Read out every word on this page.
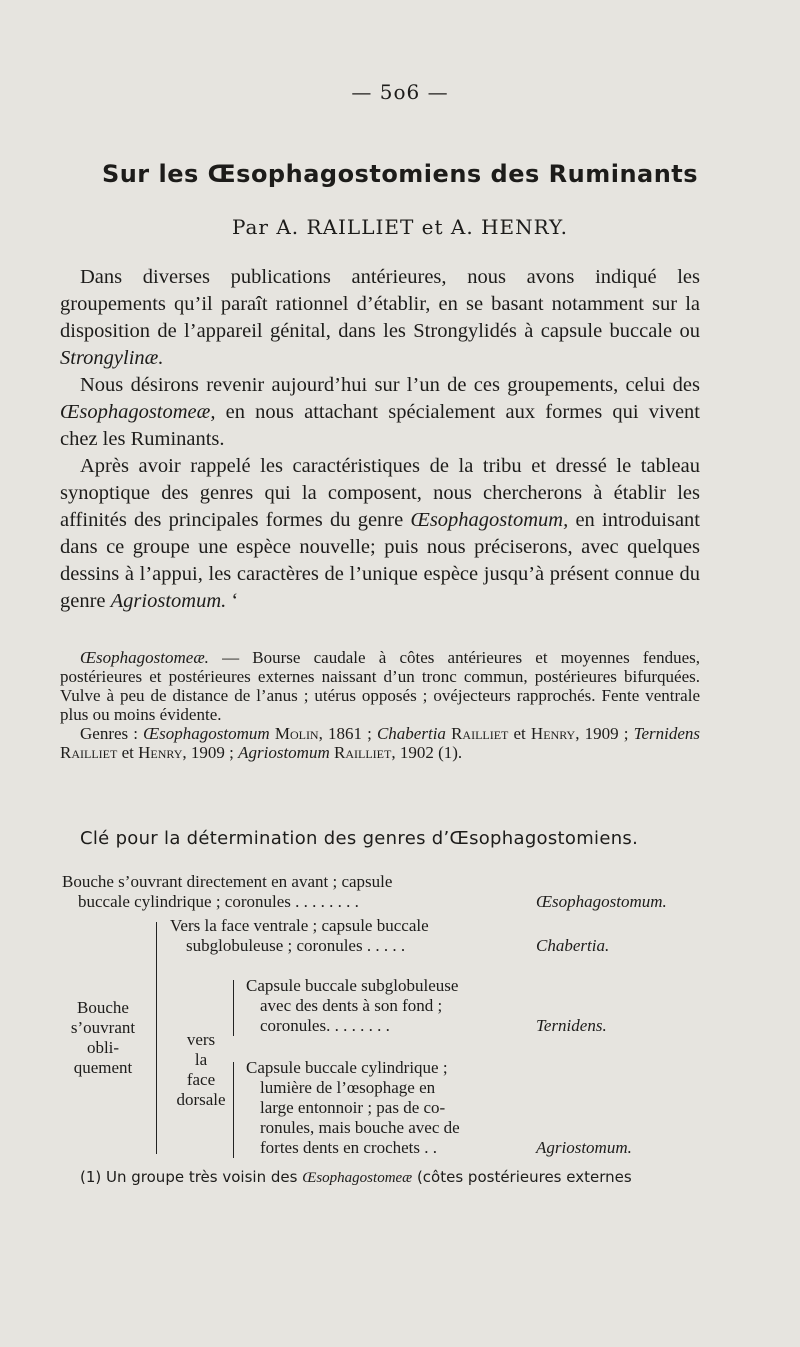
— 5o6 —
Sur les Œsophagostomiens des Ruminants
Par A. RAILLIET et A. HENRY.

Dans diverses publications antérieures, nous avons indiqué les groupements qu’il paraît rationnel d’établir, en se basant notamment sur la disposition de l’appareil génital, dans les Strongylidés à capsule buccale ou Strongylinæ.

Nous désirons revenir aujourd’hui sur l’un de ces groupements, celui des Œsophagostomeæ, en nous attachant spécialement aux formes qui vivent chez les Ruminants.

Après avoir rappelé les caractéristiques de la tribu et dressé le tableau synoptique des genres qui la composent, nous chercherons à établir les affinités des principales formes du genre Œsophagostomum, en introduisant dans ce groupe une espèce nouvelle; puis nous préciserons, avec quelques dessins à l’appui, les caractères de l’unique espèce jusqu’à présent connue du genre Agriostomum. ‘

Œsophagostomeæ. — Bourse caudale à côtes antérieures et moyennes fendues, postérieures et postérieures externes naissant d’un tronc commun, postérieures bifurquées. Vulve à peu de distance de l’anus ; utérus opposés ; ovéjecteurs rapprochés. Fente ventrale plus ou moins évidente.

Genres : Œsophagostomum Molin, 1861 ; Chabertia Railliet et Henry, 1909 ; Ternidens Railliet et Henry, 1909 ; Agriostomum Railliet, 1902 (1).

Clé pour la détermination des genres d’Œsophagostomiens.
Bouche s’ouvrant directement en avant ; capsule
buccale cylindrique ; coronules . . . . . . . .	Œsophagostomum.
Bouche
s’ouvrant
obli-
quement
Vers la face ventrale ; capsule buccale
subglobuleuse ; coronules . . . . .	Chabertia.
vers
la
face
dorsale
Capsule buccale subglobuleuse
avec des dents à son fond ;
coronules. . . . . . . .	Ternidens.
Capsule buccale cylindrique ;
lumière de l’œsophage en
large entonnoir ; pas de co-
ronules, mais bouche avec de
fortes dents en crochets . .	Agriostomum.
(1) Un groupe très voisin des Œsophagostomeæ (côtes postérieures externes
